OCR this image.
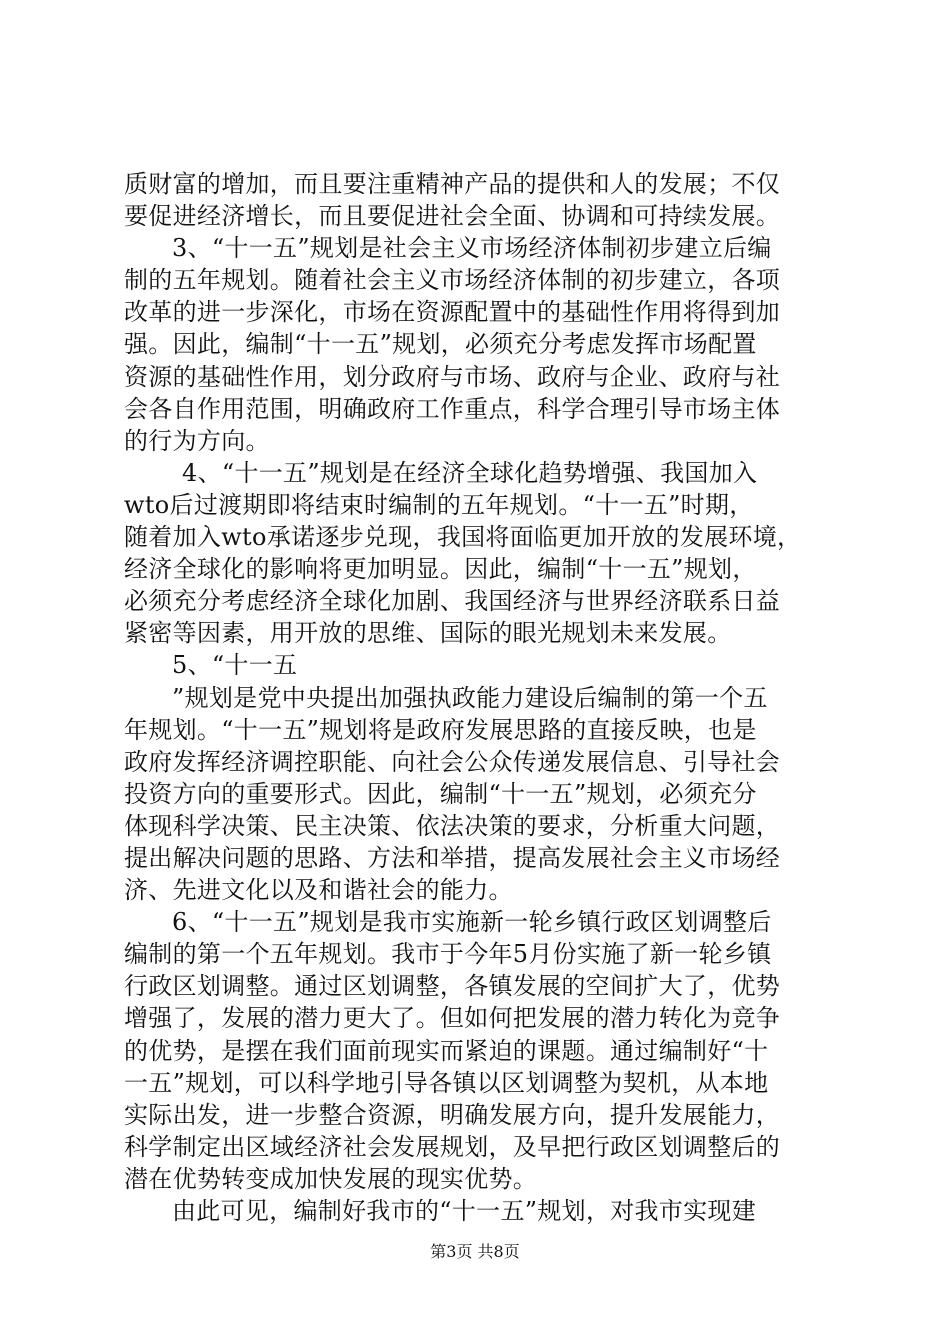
质财富的增加，而且要注重精神产品的提供和人的发展；不仅
要促进经济增长，而且要促进社会全面、协调和可持续发展。
3、“十一五”规划是社会主义市场经济体制初步建立后编
制的五年规划。随着社会主义市场经济体制的初步建立，各项
改革的进一步深化，市场在资源配置中的基础性作用将得到加
强。因此，编制“十一五”规划，必须充分考虑发挥市场配置
资源的基础性作用，划分政府与市场、政府与企业、政府与社
会各自作用范围，明确政府工作重点，科学合理引导市场主体
的行为方向。
4、“十一五”规划是在经济全球化趋势增强、我国加入
wto后过渡期即将结束时编制的五年规划。“十一五”时期，
随着加入wto承诺逐步兑现，我国将面临更加开放的发展环境，
经济全球化的影响将更加明显。因此，编制“十一五”规划，
必须充分考虑经济全球化加剧、我国经济与世界经济联系日益
紧密等因素，用开放的思维、国际的眼光规划未来发展。
5、“十一五
”规划是党中央提出加强执政能力建设后编制的第一个五
年规划。“十一五”规划将是政府发展思路的直接反映，也是
政府发挥经济调控职能、向社会公众传递发展信息、引导社会
投资方向的重要形式。因此，编制“十一五”规划，必须充分
体现科学决策、民主决策、依法决策的要求，分析重大问题，
提出解决问题的思路、方法和举措，提高发展社会主义市场经
济、先进文化以及和谐社会的能力。
6、“十一五”规划是我市实施新一轮乡镇行政区划调整后
编制的第一个五年规划。我市于今年5月份实施了新一轮乡镇
行政区划调整。通过区划调整，各镇发展的空间扩大了，优势
增强了，发展的潜力更大了。但如何把发展的潜力转化为竞争
的优势，是摆在我们面前现实而紧迫的课题。通过编制好“十
一五”规划，可以科学地引导各镇以区划调整为契机，从本地
实际出发，进一步整合资源，明确发展方向，提升发展能力，
科学制定出区域经济社会发展规划，及早把行政区划调整后的
潜在优势转变成加快发展的现实优势。
由此可见，编制好我市的“十一五”规划，对我市实现建
第3页 共8页
